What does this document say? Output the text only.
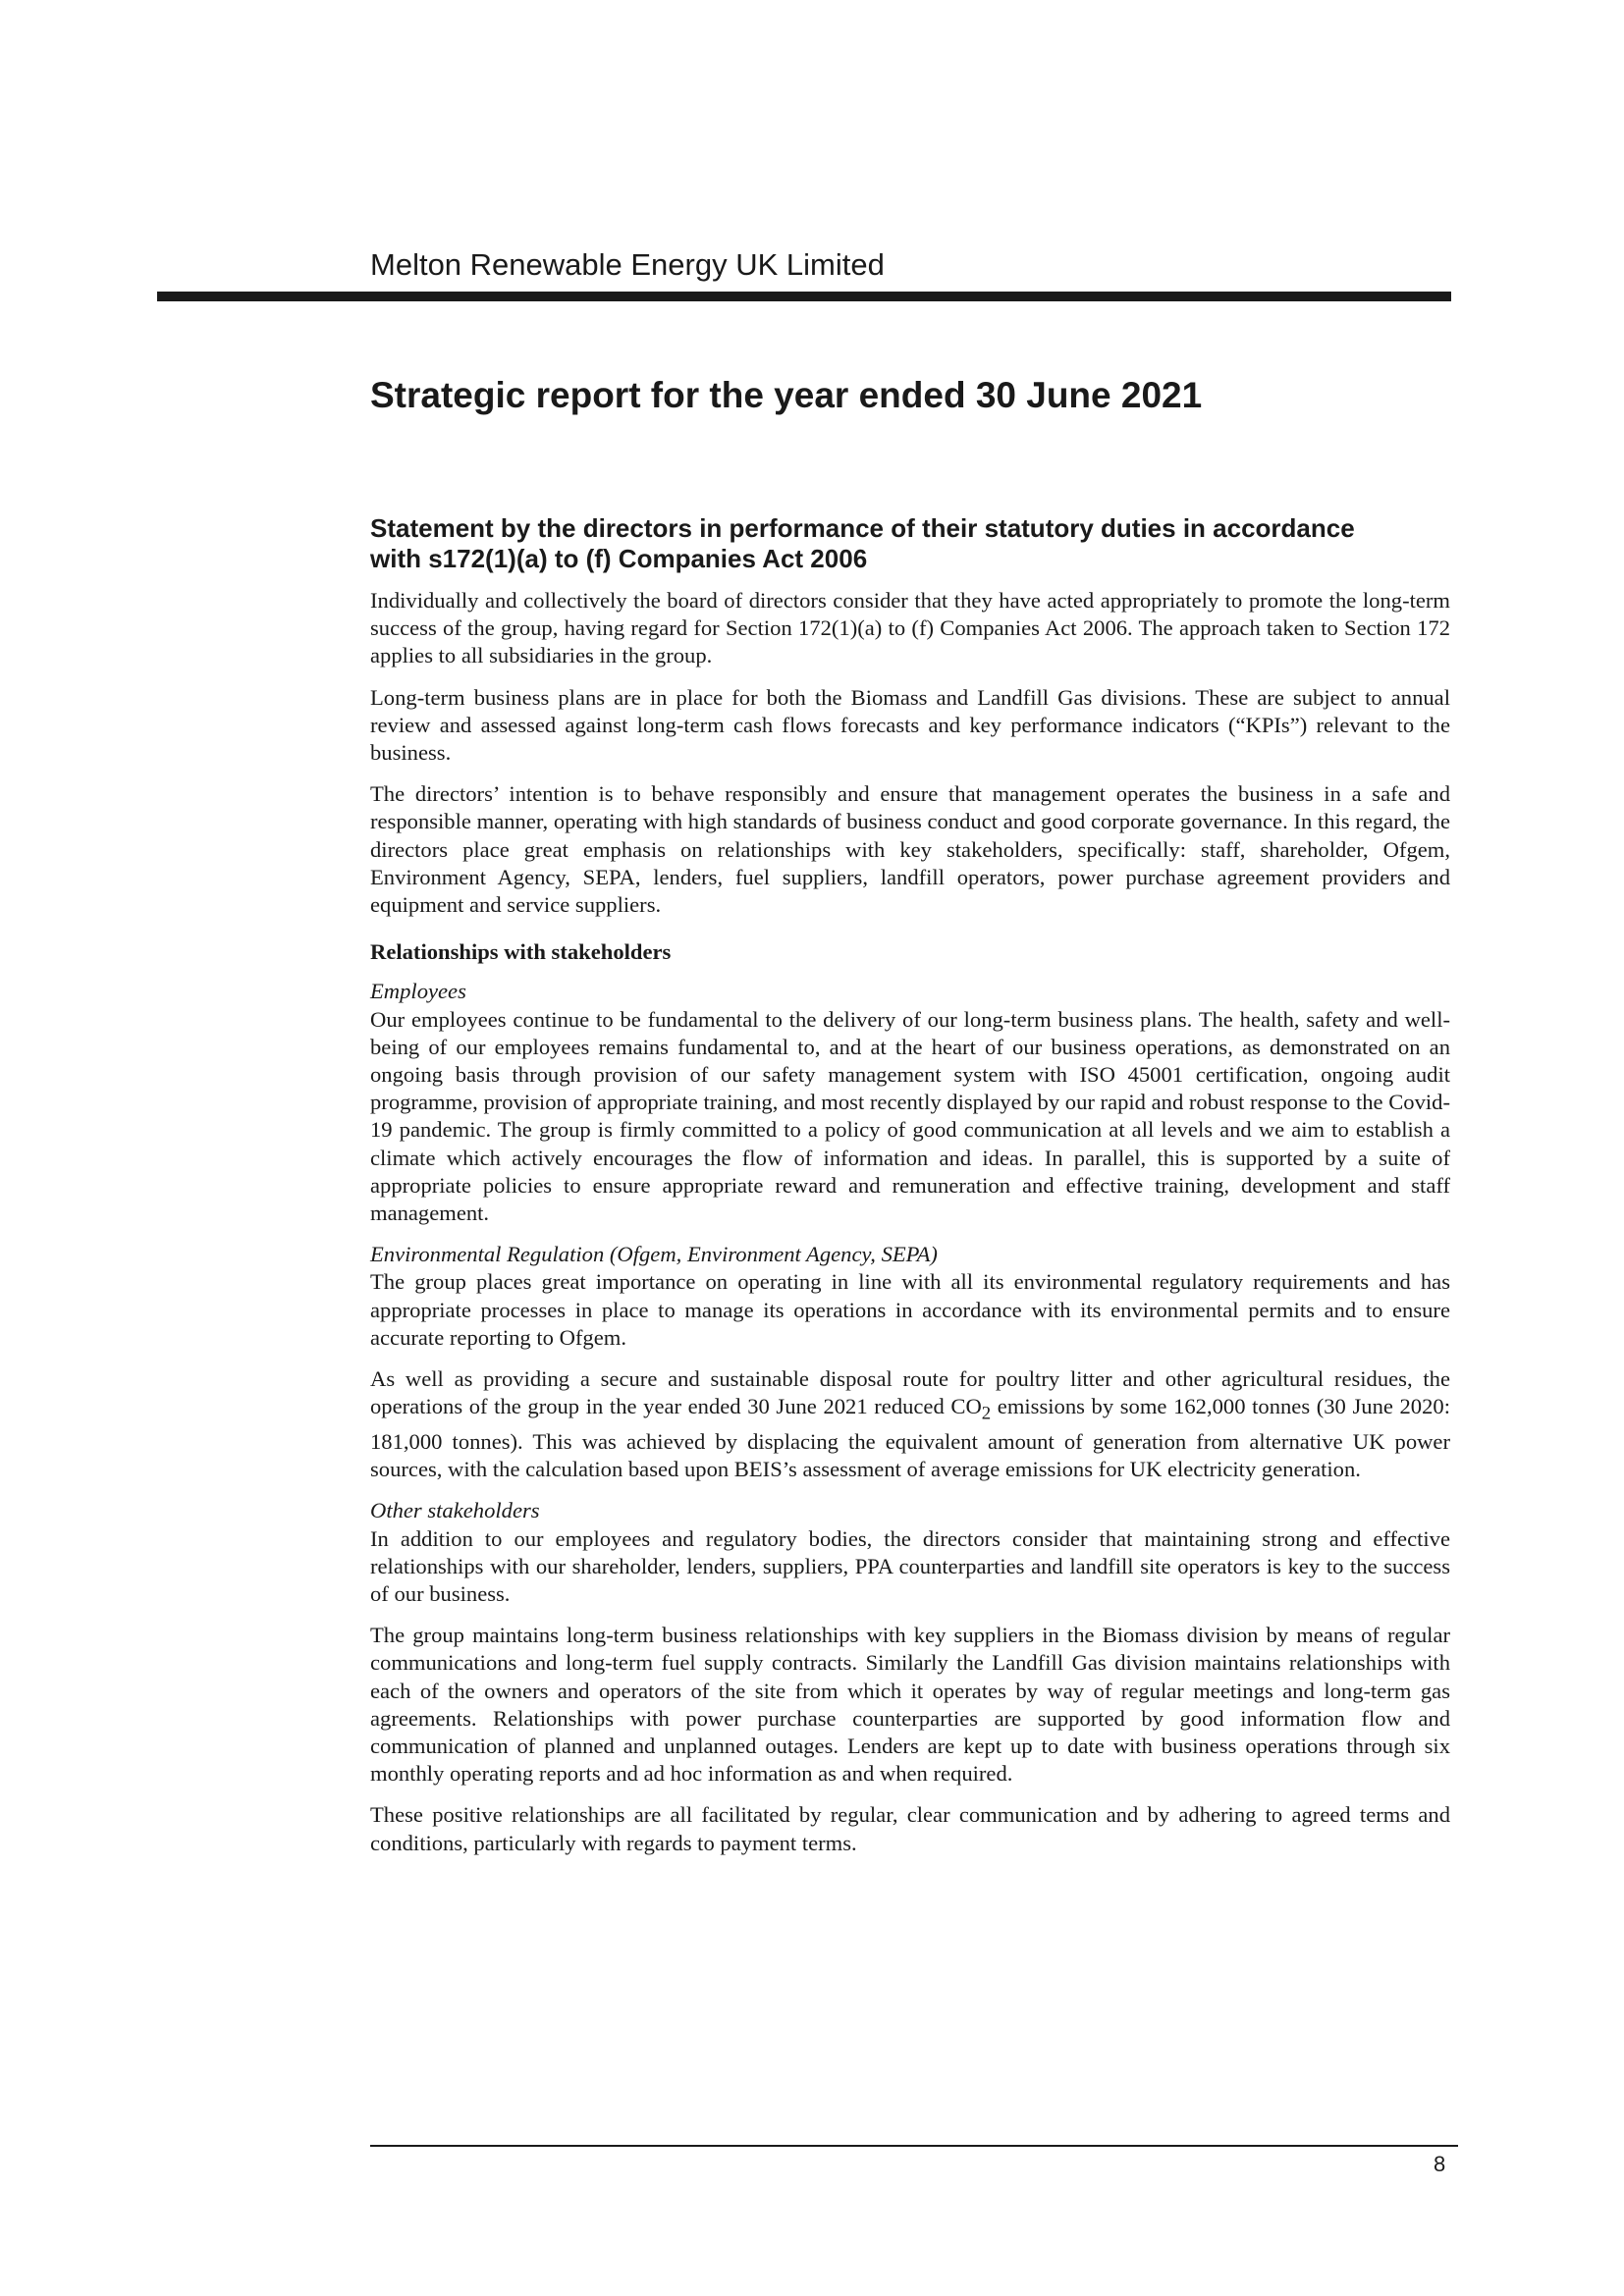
Melton Renewable Energy UK Limited
Strategic report for the year ended 30 June 2021
Statement by the directors in performance of their statutory duties in accordance
with s172(1)(a) to (f) Companies Act 2006

Individually and collectively the board of directors consider that they have acted appropriately to promote the long-term success of the group, having regard for Section 172(1)(a) to (f) Companies Act 2006. The approach taken to Section 172 applies to all subsidiaries in the group.

Long-term business plans are in place for both the Biomass and Landfill Gas divisions. These are subject to annual review and assessed against long-term cash flows forecasts and key performance indicators (“KPIs”) relevant to the business.

The directors’ intention is to behave responsibly and ensure that management operates the business in a safe and responsible manner, operating with high standards of business conduct and good corporate governance. In this regard, the directors place great emphasis on relationships with key stakeholders, specifically: staff, shareholder, Ofgem, Environment Agency, SEPA, lenders, fuel suppliers, landfill operators, power purchase agreement providers and equipment and service suppliers.

Relationships with stakeholders
Employees
Our employees continue to be fundamental to the delivery of our long-term business plans. The health, safety and well-being of our employees remains fundamental to, and at the heart of our business operations, as demonstrated on an ongoing basis through provision of our safety management system with ISO 45001 certification, ongoing audit programme, provision of appropriate training, and most recently displayed by our rapid and robust response to the Covid-19 pandemic. The group is firmly committed to a policy of good communication at all levels and we aim to establish a climate which actively encourages the flow of information and ideas. In parallel, this is supported by a suite of appropriate policies to ensure appropriate reward and remuneration and effective training, development and staff management.
Environmental Regulation (Ofgem, Environment Agency, SEPA)
The group places great importance on operating in line with all its environmental regulatory requirements and has appropriate processes in place to manage its operations in accordance with its environmental permits and to ensure accurate reporting to Ofgem.

As well as providing a secure and sustainable disposal route for poultry litter and other agricultural residues, the operations of the group in the year ended 30 June 2021 reduced $CO_2$ emissions by some 162,000 tonnes (30 June 2020: 181,000 tonnes). This was achieved by displacing the equivalent amount of generation from alternative UK power sources, with the calculation based upon BEIS’s assessment of average emissions for UK electricity generation.

Other stakeholders
In addition to our employees and regulatory bodies, the directors consider that maintaining strong and effective relationships with our shareholder, lenders, suppliers, PPA counterparties and landfill site operators is key to the success of our business.

The group maintains long-term business relationships with key suppliers in the Biomass division by means of regular communications and long-term fuel supply contracts. Similarly the Landfill Gas division maintains relationships with each of the owners and operators of the site from which it operates by way of regular meetings and long-term gas agreements. Relationships with power purchase counterparties are supported by good information flow and communication of planned and unplanned outages. Lenders are kept up to date with business operations through six monthly operating reports and ad hoc information as and when required.

These positive relationships are all facilitated by regular, clear communication and by adhering to agreed terms and conditions, particularly with regards to payment terms.

8
